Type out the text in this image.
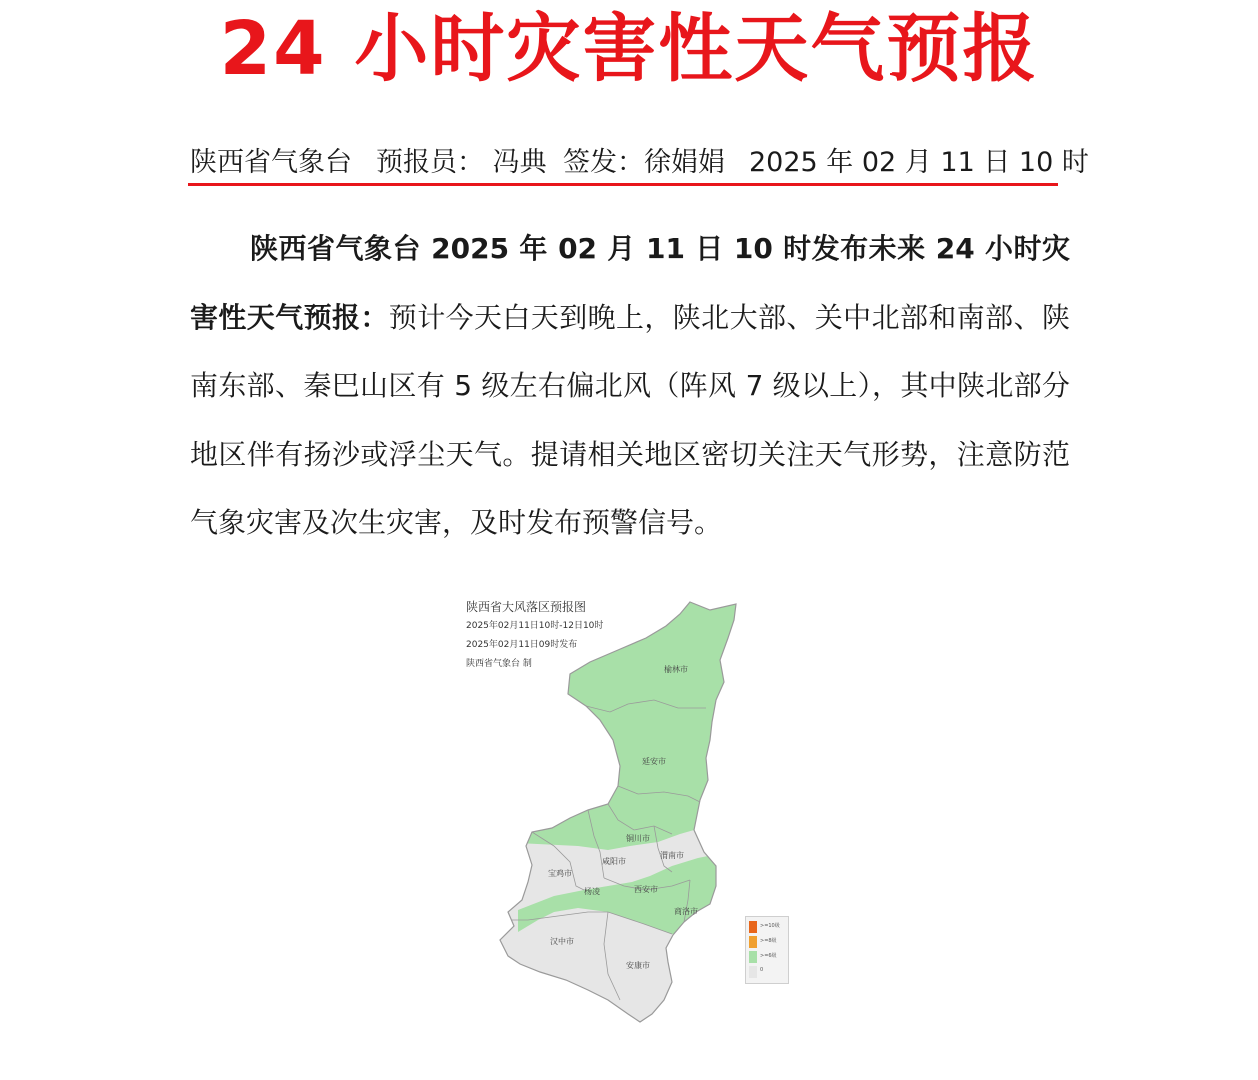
24 小时灾害性天气预报
陕西省气象台 预报员： 冯典 签发：徐娟娟 2025 年 02 月 11 日 10 时

陕西省气象台 2025 年 02 月 11 日 10 时发布未来 24 小时灾害性天气预报：预计今天白天到晚上，陕北大部、关中北部和南部、陕南东部、秦巴山区有 5 级左右偏北风（阵风 7 级以上），其中陕北部分地区伴有扬沙或浮尘天气。提请相关地区密切关注天气形势，注意防范气象灾害及次生灾害，及时发布预警信号。

陕西省大风落区预报图
2025年02月11日10时-12日10时
2025年02月11日09时发布
陕西省气象台 制
榆林市
延安市
铜川市
宝鸡市
咸阳市
渭南市
杨凌	西安市
商洛市
汉中市
安康市
>=10级
>=8级
>=6级
0
